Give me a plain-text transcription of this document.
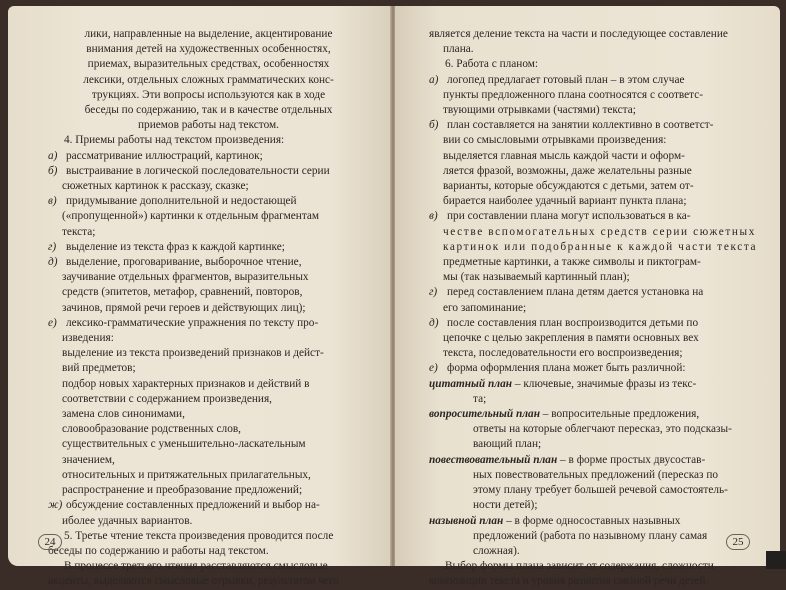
лики, направленные на выделение, акцентирование
внимания детей на художественных особенностях,
приемах, выразительных средствах, особенностях
лексики, отдельных сложных грамматических конс-
трукциях. Эти вопросы используются как в ходе
беседы по содержанию, так и в качестве отдельных
приемов работы над текстом.
4. Приемы работы над текстом произведения:
а) рассматривание иллюстраций, картинок;
б) выстраивание в логической последовательности серии
сюжетных картинок к рассказу, сказке;
в) придумывание дополнительной и недостающей
(«пропущенной») картинки к отдельным фрагментам
текста;
г) выделение из текста фраз к каждой картинке;
д) выделение, проговаривание, выборочное чтение,
заучивание отдельных фрагментов, выразительных
средств (эпитетов, метафор, сравнений, повторов,
зачинов, прямой речи героев и действующих лиц);
е) лексико-грамматические упражнения по тексту про-
изведения:
выделение из текста произведений признаков и дейст-
вий предметов;
подбор новых характерных признаков и действий в
соответствии с содержанием произведения,
замена слов синонимами,
словообразование родственных слов,
существительных с уменьшительно-ласкательным
значением,
относительных и притяжательных прилагательных,
распространение и преобразование предложений;
ж) обсуждение составленных предложений и выбор на-
иболее удачных вариантов.
5. Третье чтение текста произведения проводится после
беседы по содержанию и работы над текстом.
В процессе третьего чтения расставляются смысловые
акценты, выделяются смысловые отрывки, результатом чего
24
является деление текста на части и последующее составление
плана.
6. Работа с планом:
а) логопед предлагает готовый план – в этом случае
пункты предложенного плана соотносятся с соответс-
твующими отрывками (частями) текста;
б) план составляется на занятии коллективно в соответст-
вии со смысловыми отрывками произведения:
выделяется главная мысль каждой части и оформ-
ляется фразой, возможны, даже желательны разные
варианты, которые обсуждаются с детьми, затем от-
бирается наиболее удачный вариант пункта плана;
в) при составлении плана могут использоваться в ка-
честве вспомогательных средств серии сюжетных
картинок или подобранные к каждой части текста
предметные картинки, а также символы и пиктограм-
мы (так называемый картинный план);
г) перед составлением плана детям дается установка на
его запоминание;
д) после составления план воспроизводится детьми по
цепочке с целью закрепления в памяти основных вех
текста, последовательности его воспроизведения;
е) форма оформления плана может быть различной:
цитатный план – ключевые, значимые фразы из текс-
та;
вопросительный план – вопросительные предложения,
ответы на которые облегчают пересказ, это подсказы-
вающий план;
повествовательный план – в форме простых двусостав-
ных повествовательных предложений (пересказ по
этому плану требует большей речевой самостоятель-
ности детей);
назывной план – в форме односоставных назывных
предложений (работа по назывному плану самая
сложная).
Выбор формы плана зависит от содержания, сложности
композиции текста и уровня развития связной речи детей.
25
